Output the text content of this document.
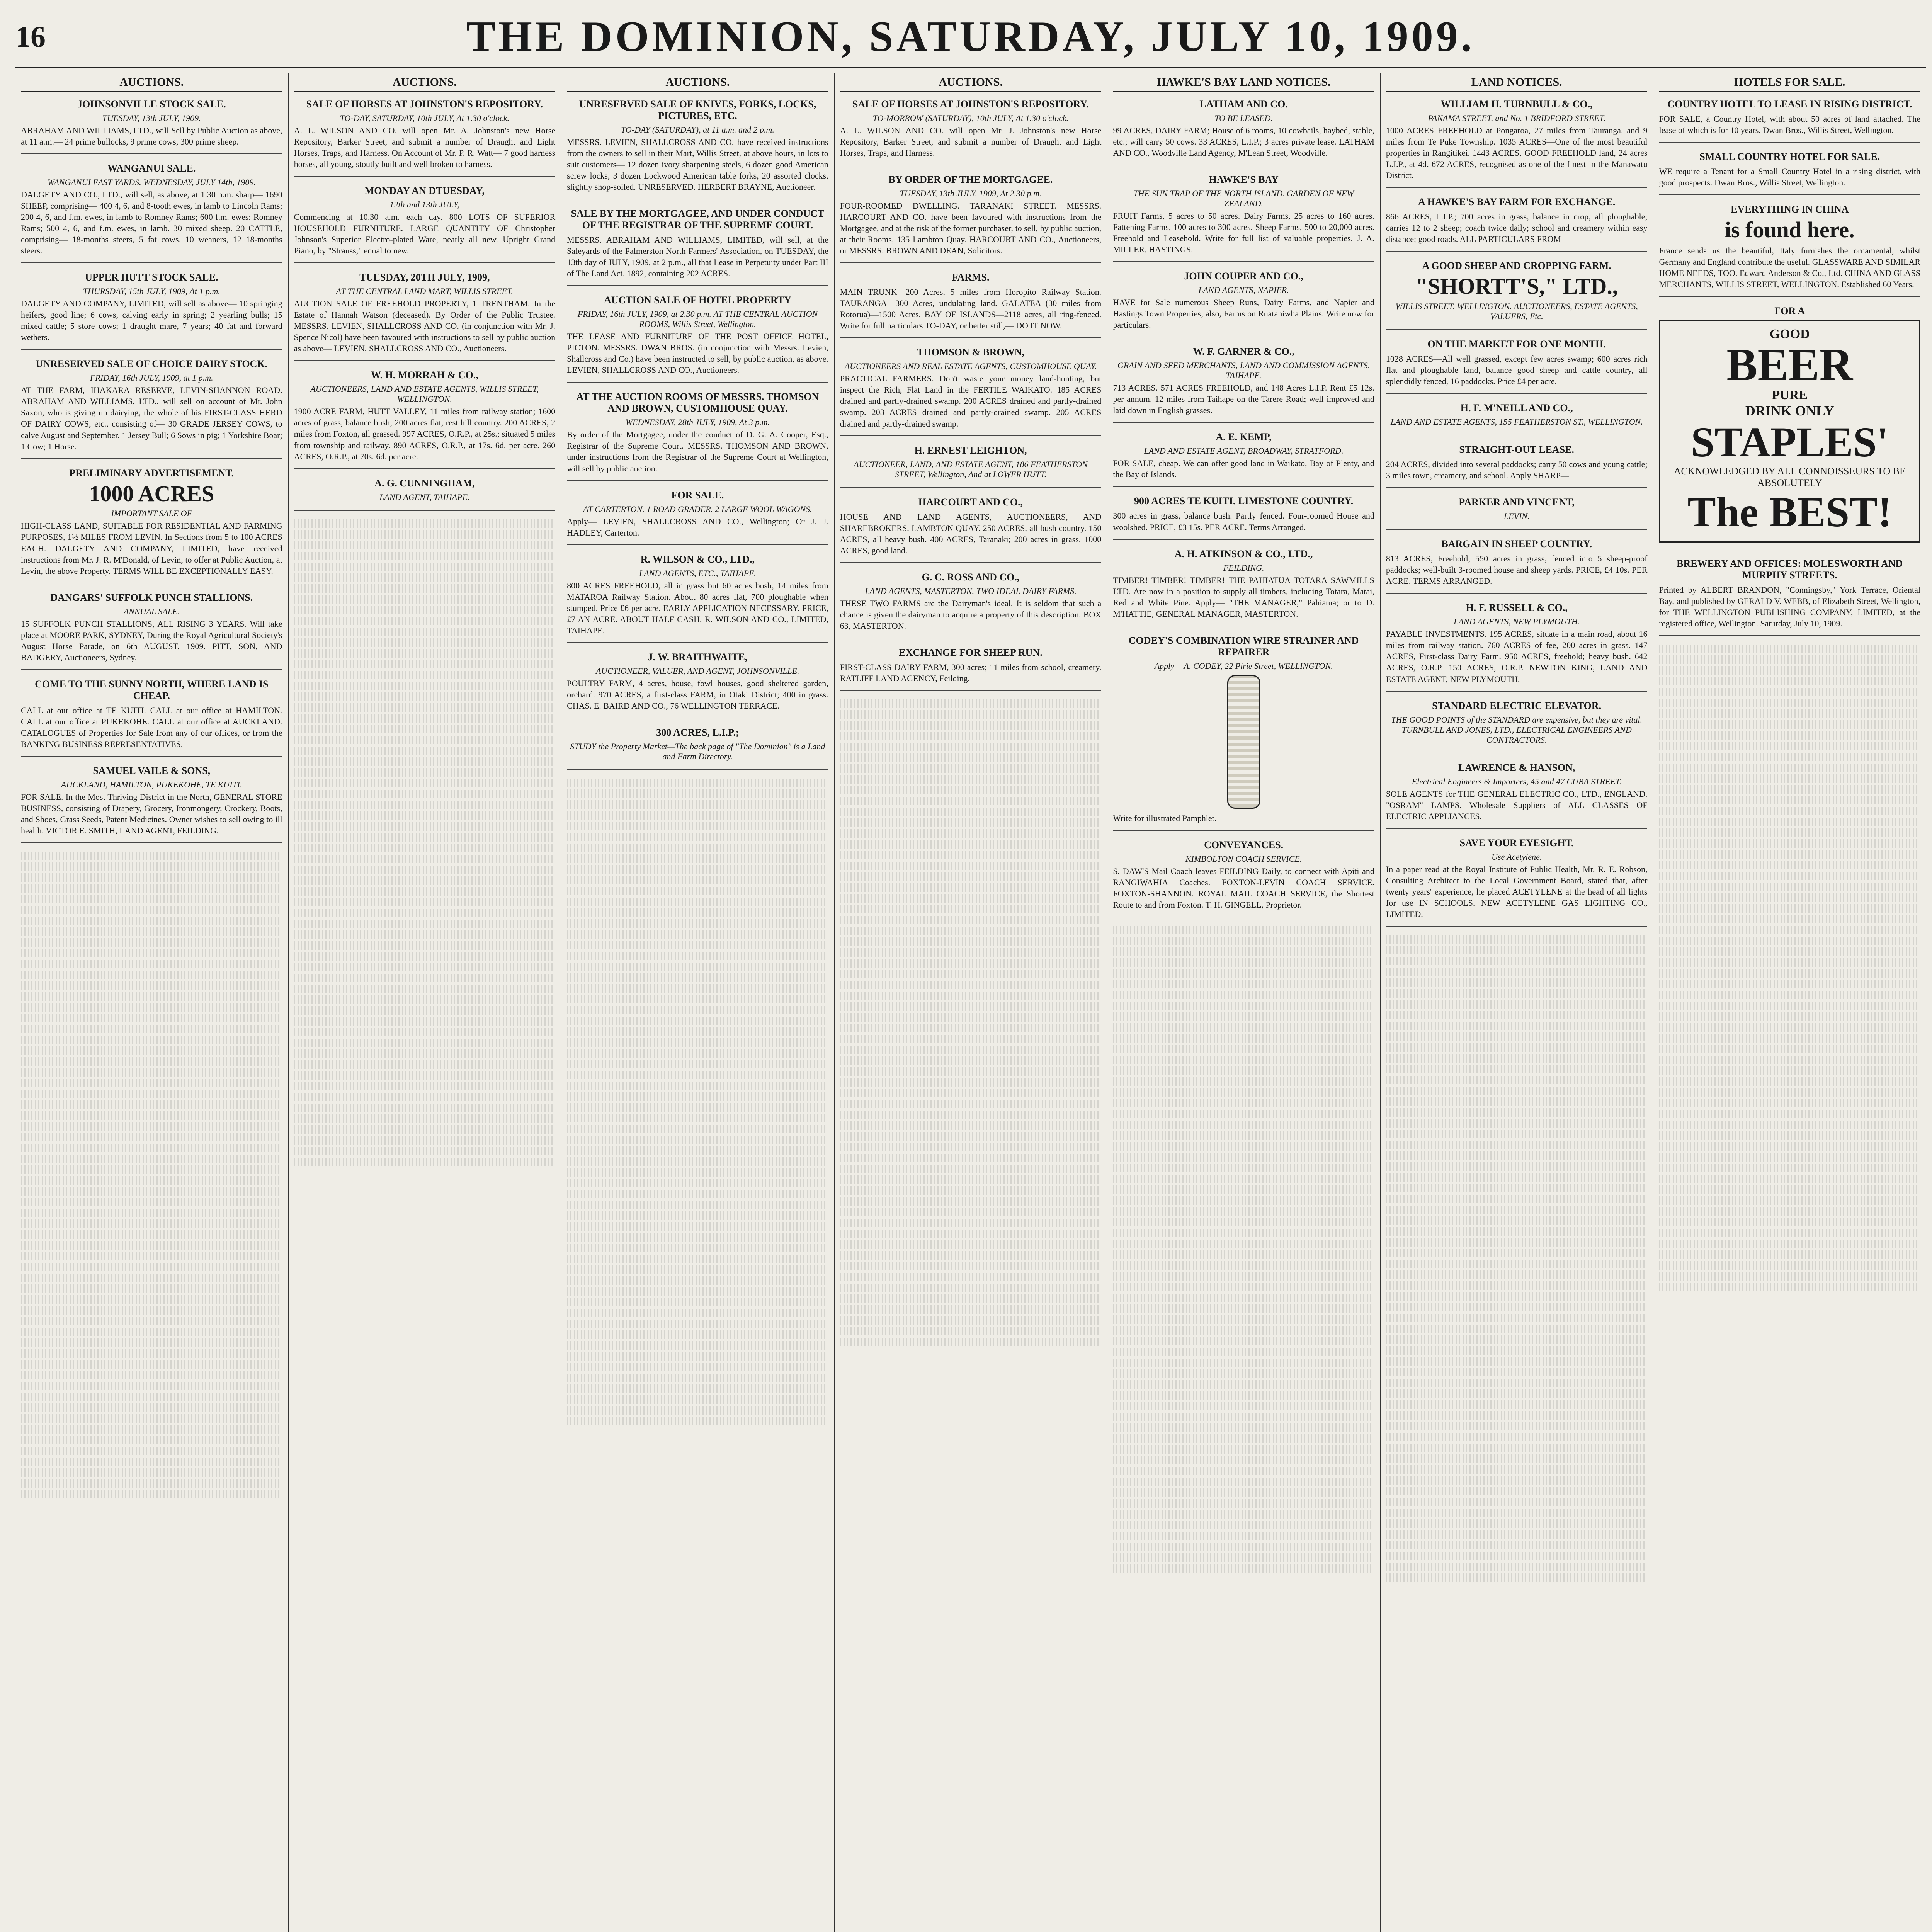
16	THE DOMINION, SATURDAY, JULY 10, 1909.
AUCTIONS.
JOHNSONVILLE STOCK SALE.
TUESDAY, 13th JULY, 1909.
ABRAHAM AND WILLIAMS, LTD., will Sell by Public Auction as above, at 11 a.m.— 24 prime bullocks, 9 prime cows, 300 prime sheep.
WANGANUI SALE.
WANGANUI EAST YARDS. WEDNESDAY, JULY 14th, 1909.
DALGETY AND CO., LTD., will sell, as above, at 1.30 p.m. sharp— 1690 SHEEP, comprising— 400 4, 6, and 8-tooth ewes, in lamb to Lincoln Rams; 200 4, 6, and f.m. ewes, in lamb to Romney Rams; 600 f.m. ewes; Romney Rams; 500 4, 6, and f.m. ewes, in lamb. 30 mixed sheep. 20 CATTLE, comprising— 18-months steers, 5 fat cows, 10 weaners, 12 18-months steers.
UPPER HUTT STOCK SALE.
THURSDAY, 15th JULY, 1909, At 1 p.m.
DALGETY AND COMPANY, LIMITED, will sell as above— 10 springing heifers, good line; 6 cows, calving early in spring; 2 yearling bulls; 15 mixed cattle; 5 store cows; 1 draught mare, 7 years; 40 fat and forward wethers.
UNRESERVED SALE OF CHOICE DAIRY STOCK.
FRIDAY, 16th JULY, 1909, at 1 p.m.
AT THE FARM, IHAKARA RESERVE, LEVIN-SHANNON ROAD. ABRAHAM AND WILLIAMS, LTD., will sell on account of Mr. John Saxon, who is giving up dairying, the whole of his FIRST-CLASS HERD OF DAIRY COWS, etc., consisting of— 30 GRADE JERSEY COWS, to calve August and September. 1 Jersey Bull; 6 Sows in pig; 1 Yorkshire Boar; 1 Cow; 1 Horse.
PRELIMINARY ADVERTISEMENT.
1000 ACRES
IMPORTANT SALE OF
HIGH-CLASS LAND, SUITABLE FOR RESIDENTIAL AND FARMING PURPOSES, 1½ MILES FROM LEVIN. In Sections from 5 to 100 ACRES EACH. DALGETY AND COMPANY, LIMITED, have received instructions from Mr. J. R. M'Donald, of Levin, to offer at Public Auction, at Levin, the above Property. TERMS WILL BE EXCEPTIONALLY EASY.
DANGARS' SUFFOLK PUNCH STALLIONS.
ANNUAL SALE.
15 SUFFOLK PUNCH STALLIONS, ALL RISING 3 YEARS. Will take place at MOORE PARK, SYDNEY, During the Royal Agricultural Society's August Horse Parade, on 6th AUGUST, 1909. PITT, SON, AND BADGERY, Auctioneers, Sydney.
COME TO THE SUNNY NORTH, WHERE LAND IS CHEAP.
CALL at our office at TE KUITI. CALL at our office at HAMILTON. CALL at our office at PUKEKOHE. CALL at our office at AUCKLAND. CATALOGUES of Properties for Sale from any of our offices, or from the BANKING BUSINESS REPRESENTATIVES.
SAMUEL VAILE & SONS,
AUCKLAND, HAMILTON, PUKEKOHE, TE KUITI.
FOR SALE. In the Most Thriving District in the North, GENERAL STORE BUSINESS, consisting of Drapery, Grocery, Ironmongery, Crockery, Boots, and Shoes, Grass Seeds, Patent Medicines. Owner wishes to sell owing to ill health. VICTOR E. SMITH, LAND AGENT, FEILDING.
AUCTIONS.
SALE OF HORSES AT JOHNSTON'S REPOSITORY.
TO-DAY, SATURDAY, 10th JULY, At 1.30 o'clock.
A. L. WILSON AND CO. will open Mr. A. Johnston's new Horse Repository, Barker Street, and submit a number of Draught and Light Horses, Traps, and Harness. On Account of Mr. P. R. Watt— 7 good harness horses, all young, stoutly built and well broken to harness.
MONDAY AN DTUESDAY,
12th and 13th JULY,
Commencing at 10.30 a.m. each day. 800 LOTS OF SUPERIOR HOUSEHOLD FURNITURE. LARGE QUANTITY OF Christopher Johnson's Superior Electro-plated Ware, nearly all new. Upright Grand Piano, by "Strauss," equal to new.
TUESDAY, 20TH JULY, 1909,
AT THE CENTRAL LAND MART, WILLIS STREET.
AUCTION SALE OF FREEHOLD PROPERTY, 1 TRENTHAM. In the Estate of Hannah Watson (deceased). By Order of the Public Trustee. MESSRS. LEVIEN, SHALLCROSS AND CO. (in conjunction with Mr. J. Spence Nicol) have been favoured with instructions to sell by public auction as above— LEVIEN, SHALLCROSS AND CO., Auctioneers.
W. H. MORRAH & CO.,
AUCTIONEERS, LAND AND ESTATE AGENTS, WILLIS STREET, WELLINGTON.
1900 ACRE FARM, HUTT VALLEY, 11 miles from railway station; 1600 acres of grass, balance bush; 200 acres flat, rest hill country. 200 ACRES, 2 miles from Foxton, all grassed. 997 ACRES, O.R.P., at 25s.; situated 5 miles from township and railway. 890 ACRES, O.R.P., at 17s. 6d. per acre. 260 ACRES, O.R.P., at 70s. 6d. per acre.
A. G. CUNNINGHAM,
LAND AGENT, TAIHAPE.
AUCTIONS.
UNRESERVED SALE OF KNIVES, FORKS, LOCKS, PICTURES, ETC.
TO-DAY (SATURDAY), at 11 a.m. and 2 p.m.
MESSRS. LEVIEN, SHALLCROSS AND CO. have received instructions from the owners to sell in their Mart, Willis Street, at above hours, in lots to suit customers— 12 dozen ivory sharpening steels, 6 dozen good American screw locks, 3 dozen Lockwood American table forks, 20 assorted clocks, slightly shop-soiled. UNRESERVED. HERBERT BRAYNE, Auctioneer.
SALE BY THE MORTGAGEE, AND UNDER CONDUCT OF THE REGISTRAR OF THE SUPREME COURT.
MESSRS. ABRAHAM AND WILLIAMS, LIMITED, will sell, at the Saleyards of the Palmerston North Farmers' Association, on TUESDAY, the 13th day of JULY, 1909, at 2 p.m., all that Lease in Perpetuity under Part III of The Land Act, 1892, containing 202 ACRES.
AUCTION SALE OF HOTEL PROPERTY
FRIDAY, 16th JULY, 1909, at 2.30 p.m. AT THE CENTRAL AUCTION ROOMS, Willis Street, Wellington.
THE LEASE AND FURNITURE OF THE POST OFFICE HOTEL, PICTON. MESSRS. DWAN BROS. (in conjunction with Messrs. Levien, Shallcross and Co.) have been instructed to sell, by public auction, as above. LEVIEN, SHALLCROSS AND CO., Auctioneers.
AT THE AUCTION ROOMS OF MESSRS. THOMSON AND BROWN, CUSTOMHOUSE QUAY.
WEDNESDAY, 28th JULY, 1909, At 3 p.m.
By order of the Mortgagee, under the conduct of D. G. A. Cooper, Esq., Registrar of the Supreme Court. MESSRS. THOMSON AND BROWN, under instructions from the Registrar of the Supreme Court at Wellington, will sell by public auction.
FOR SALE.
AT CARTERTON. 1 ROAD GRADER. 2 LARGE WOOL WAGONS.
Apply— LEVIEN, SHALLCROSS AND CO., Wellington; Or J. J. HADLEY, Carterton.
R. WILSON & CO., LTD.,
LAND AGENTS, ETC., TAIHAPE.
800 ACRES FREEHOLD, all in grass but 60 acres bush, 14 miles from MATAROA Railway Station. About 80 acres flat, 700 ploughable when stumped. Price £6 per acre. EARLY APPLICATION NECESSARY. PRICE, £7 AN ACRE. ABOUT HALF CASH. R. WILSON AND CO., LIMITED, TAIHAPE.
J. W. BRAITHWAITE,
AUCTIONEER, VALUER, AND AGENT, JOHNSONVILLE.
POULTRY FARM, 4 acres, house, fowl houses, good sheltered garden, orchard. 970 ACRES, a first-class FARM, in Otaki District; 400 in grass. CHAS. E. BAIRD AND CO., 76 WELLINGTON TERRACE.
300 ACRES, L.I.P.;
STUDY the Property Market—The back page of "The Dominion" is a Land and Farm Directory.
AUCTIONS.
SALE OF HORSES AT JOHNSTON'S REPOSITORY.
TO-MORROW (SATURDAY), 10th JULY, At 1.30 o'clock.
A. L. WILSON AND CO. will open Mr. J. Johnston's new Horse Repository, Barker Street, and submit a number of Draught and Light Horses, Traps, and Harness.
BY ORDER OF THE MORTGAGEE.
TUESDAY, 13th JULY, 1909, At 2.30 p.m.
FOUR-ROOMED DWELLING. TARANAKI STREET. MESSRS. HARCOURT AND CO. have been favoured with instructions from the Mortgagee, and at the risk of the former purchaser, to sell, by public auction, at their Rooms, 135 Lambton Quay. HARCOURT AND CO., Auctioneers, or MESSRS. BROWN AND DEAN, Solicitors.
FARMS.
MAIN TRUNK—200 Acres, 5 miles from Horopito Railway Station. TAURANGA—300 Acres, undulating land. GALATEA (30 miles from Rotorua)—1500 Acres. BAY OF ISLANDS—2118 acres, all ring-fenced. Write for full particulars TO-DAY, or better still,— DO IT NOW.
THOMSON & BROWN,
AUCTIONEERS AND REAL ESTATE AGENTS, CUSTOMHOUSE QUAY.
PRACTICAL FARMERS. Don't waste your money land-hunting, but inspect the Rich, Flat Land in the FERTILE WAIKATO. 185 ACRES drained and partly-drained swamp. 200 ACRES drained and partly-drained swamp. 203 ACRES drained and partly-drained swamp. 205 ACRES drained and partly-drained swamp.
H. ERNEST LEIGHTON,
AUCTIONEER, LAND, AND ESTATE AGENT, 186 FEATHERSTON STREET, Wellington, And at LOWER HUTT.
HARCOURT AND CO.,
HOUSE AND LAND AGENTS, AUCTIONEERS, AND SHAREBROKERS, LAMBTON QUAY. 250 ACRES, all bush country. 150 ACRES, all heavy bush. 400 ACRES, Taranaki; 200 acres in grass. 1000 ACRES, good land.
G. C. ROSS AND CO.,
LAND AGENTS, MASTERTON. TWO IDEAL DAIRY FARMS.
THESE TWO FARMS are the Dairyman's ideal. It is seldom that such a chance is given the dairyman to acquire a property of this description. BOX 63, MASTERTON.
EXCHANGE FOR SHEEP RUN.
FIRST-CLASS DAIRY FARM, 300 acres; 11 miles from school, creamery. RATLIFF LAND AGENCY, Feilding.
HAWKE'S BAY LAND NOTICES.
LATHAM AND CO.
TO BE LEASED.
99 ACRES, DAIRY FARM; House of 6 rooms, 10 cowbails, haybed, stable, etc.; will carry 50 cows. 33 ACRES, L.I.P.; 3 acres private lease. LATHAM AND CO., Woodville Land Agency, M'Lean Street, Woodville.
HAWKE'S BAY
THE SUN TRAP OF THE NORTH ISLAND. GARDEN OF NEW ZEALAND.
FRUIT Farms, 5 acres to 50 acres. Dairy Farms, 25 acres to 160 acres. Fattening Farms, 100 acres to 300 acres. Sheep Farms, 500 to 20,000 acres. Freehold and Leasehold. Write for full list of valuable properties. J. A. MILLER, HASTINGS.
JOHN COUPER AND CO.,
LAND AGENTS, NAPIER.
HAVE for Sale numerous Sheep Runs, Dairy Farms, and Napier and Hastings Town Properties; also, Farms on Ruataniwha Plains. Write now for particulars.
W. F. GARNER & CO.,
GRAIN AND SEED MERCHANTS, LAND AND COMMISSION AGENTS, TAIHAPE.
713 ACRES. 571 ACRES FREEHOLD, and 148 Acres L.I.P. Rent £5 12s. per annum. 12 miles from Taihape on the Tarere Road; well improved and laid down in English grasses.
A. E. KEMP,
LAND AND ESTATE AGENT, BROADWAY, STRATFORD.
FOR SALE, cheap. We can offer good land in Waikato, Bay of Plenty, and the Bay of Islands.
900 ACRES TE KUITI. LIMESTONE COUNTRY.
300 acres in grass, balance bush. Partly fenced. Four-roomed House and woolshed. PRICE, £3 15s. PER ACRE. Terms Arranged.
A. H. ATKINSON & CO., LTD.,
FEILDING.
TIMBER! TIMBER! TIMBER! THE PAHIATUA TOTARA SAWMILLS LTD. Are now in a position to supply all timbers, including Totara, Matai, Red and White Pine. Apply— "THE MANAGER," Pahiatua; or to D. M'HATTIE, GENERAL MANAGER, MASTERTON.
CODEY'S COMBINATION WIRE STRAINER AND REPAIRER
Apply— A. CODEY, 22 Pirie Street, WELLINGTON.
Write for illustrated Pamphlet.
CONVEYANCES.
KIMBOLTON COACH SERVICE.
S. DAW'S Mail Coach leaves FEILDING Daily, to connect with Apiti and RANGIWAHIA Coaches. FOXTON-LEVIN COACH SERVICE. FOXTON-SHANNON. ROYAL MAIL COACH SERVICE, the Shortest Route to and from Foxton. T. H. GINGELL, Proprietor.
LAND NOTICES.
WILLIAM H. TURNBULL & CO.,
PANAMA STREET, and No. 1 BRIDFORD STREET.
1000 ACRES FREEHOLD at Pongaroa, 27 miles from Tauranga, and 9 miles from Te Puke Township. 1035 ACRES—One of the most beautiful properties in Rangitikei. 1443 ACRES, GOOD FREEHOLD land, 24 acres L.I.P., at 4d. 672 ACRES, recognised as one of the finest in the Manawatu District.
A HAWKE'S BAY FARM FOR EXCHANGE.
866 ACRES, L.I.P.; 700 acres in grass, balance in crop, all ploughable; carries 12 to 2 sheep; coach twice daily; school and creamery within easy distance; good roads. ALL PARTICULARS FROM—
A GOOD SHEEP AND CROPPING FARM.
"SHORTT'S," LTD.,
WILLIS STREET, WELLINGTON. AUCTIONEERS, ESTATE AGENTS, VALUERS, Etc.
ON THE MARKET FOR ONE MONTH.
1028 ACRES—All well grassed, except few acres swamp; 600 acres rich flat and ploughable land, balance good sheep and cattle country, all splendidly fenced, 16 paddocks. Price £4 per acre.
H. F. M'NEILL AND CO.,
LAND AND ESTATE AGENTS, 155 FEATHERSTON ST., WELLINGTON.
STRAIGHT-OUT LEASE.
204 ACRES, divided into several paddocks; carry 50 cows and young cattle; 3 miles town, creamery, and school. Apply SHARP—
PARKER AND VINCENT,
LEVIN.
BARGAIN IN SHEEP COUNTRY.
813 ACRES, Freehold; 550 acres in grass, fenced into 5 sheep-proof paddocks; well-built 3-roomed house and sheep yards. PRICE, £4 10s. PER ACRE. TERMS ARRANGED.
H. F. RUSSELL & CO.,
LAND AGENTS, NEW PLYMOUTH.
PAYABLE INVESTMENTS. 195 ACRES, situate in a main road, about 16 miles from railway station. 760 ACRES of fee, 200 acres in grass. 147 ACRES, First-class Dairy Farm. 950 ACRES, freehold; heavy bush. 642 ACRES, O.R.P. 150 ACRES, O.R.P. NEWTON KING, LAND AND ESTATE AGENT, NEW PLYMOUTH.
STANDARD ELECTRIC ELEVATOR.
THE GOOD POINTS of the STANDARD are expensive, but they are vital. TURNBULL AND JONES, LTD., ELECTRICAL ENGINEERS AND CONTRACTORS.
LAWRENCE & HANSON,
Electrical Engineers & Importers, 45 and 47 CUBA STREET.
SOLE AGENTS for THE GENERAL ELECTRIC CO., LTD., ENGLAND. "OSRAM" LAMPS. Wholesale Suppliers of ALL CLASSES OF ELECTRIC APPLIANCES.
SAVE YOUR EYESIGHT.
Use Acetylene.
In a paper read at the Royal Institute of Public Health, Mr. R. E. Robson, Consulting Architect to the Local Government Board, stated that, after twenty years' experience, he placed ACETYLENE at the head of all lights for use IN SCHOOLS. NEW ACETYLENE GAS LIGHTING CO., LIMITED.
HOTELS FOR SALE.
COUNTRY HOTEL TO LEASE IN RISING DISTRICT.
FOR SALE, a Country Hotel, with about 50 acres of land attached. The lease of which is for 10 years. Dwan Bros., Willis Street, Wellington.
SMALL COUNTRY HOTEL FOR SALE.
WE require a Tenant for a Small Country Hotel in a rising district, with good prospects. Dwan Bros., Willis Street, Wellington.
EVERYTHING IN CHINA
is found here.
France sends us the beautiful, Italy furnishes the ornamental, whilst Germany and England contribute the useful. GLASSWARE AND SIMILAR HOME NEEDS, TOO. Edward Anderson & Co., Ltd. CHINA AND GLASS MERCHANTS, WILLIS STREET, WELLINGTON. Established 60 Years.
FOR A
GOOD
BEER
PURE
DRINK ONLY
STAPLES'
ACKNOWLEDGED BY ALL CONNOISSEURS TO BE ABSOLUTELY
The BEST!
BREWERY AND OFFICES: MOLESWORTH AND MURPHY STREETS.
Printed by ALBERT BRANDON, "Conningsby," York Terrace, Oriental Bay, and published by GERALD V. WEBB, of Elizabeth Street, Wellington, for THE WELLINGTON PUBLISHING COMPANY, LIMITED, at the registered office, Wellington. Saturday, July 10, 1909.
